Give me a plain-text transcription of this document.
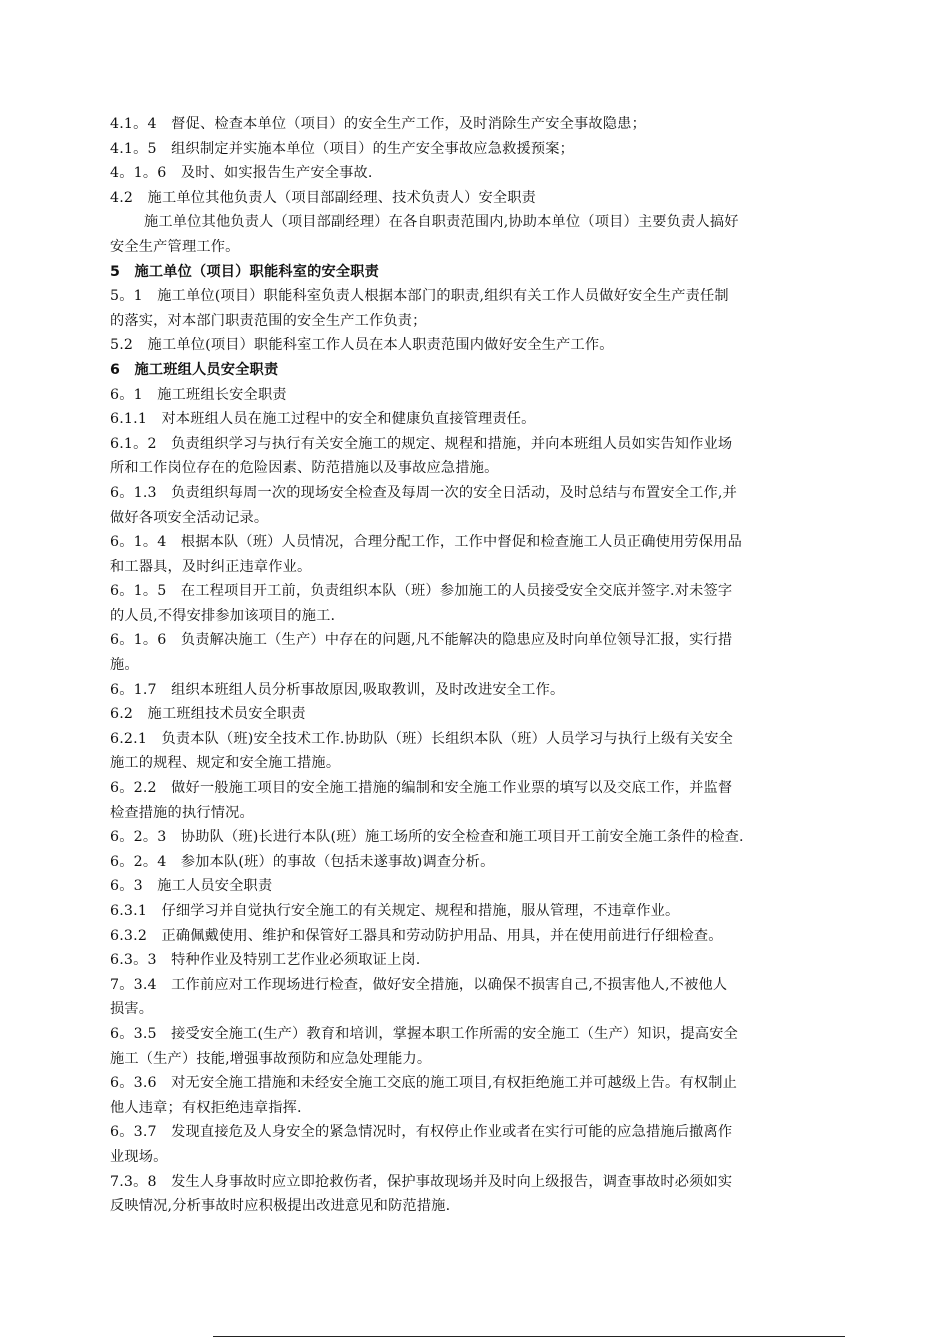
4.1。4　督促、检查本单位（项目）的安全生产工作，及时消除生产安全事故隐患；
4.1。5　组织制定并实施本单位（项目）的生产安全事故应急救援预案；
4。1。6　及时、如实报告生产安全事故.
4.2　施工单位其他负责人（项目部副经理、技术负责人）安全职责
施工单位其他负责人（项目部副经理）在各自职责范围内,协助本单位（项目）主要负责人搞好
安全生产管理工作。
5　施工单位（项目）职能科室的安全职责
5。1　施工单位(项目）职能科室负责人根据本部门的职责,组织有关工作人员做好安全生产责任制
的落实，对本部门职责范围的安全生产工作负责；
5.2　施工单位(项目）职能科室工作人员在本人职责范围内做好安全生产工作。
6　施工班组人员安全职责
6。1　施工班组长安全职责
6.1.1　对本班组人员在施工过程中的安全和健康负直接管理责任。
6.1。2　负责组织学习与执行有关安全施工的规定、规程和措施，并向本班组人员如实告知作业场
所和工作岗位存在的危险因素、防范措施以及事故应急措施。
6。1.3　负责组织每周一次的现场安全检查及每周一次的安全日活动，及时总结与布置安全工作,并
做好各项安全活动记录。
6。1。4　根据本队（班）人员情况，合理分配工作，工作中督促和检查施工人员正确使用劳保用品
和工器具，及时纠正违章作业。
6。1。5　在工程项目开工前，负责组织本队（班）参加施工的人员接受安全交底并签字.对未签字
的人员,不得安排参加该项目的施工.
6。1。6　负责解决施工（生产）中存在的问题,凡不能解决的隐患应及时向单位领导汇报，实行措
施。
6。1.7　组织本班组人员分析事故原因,吸取教训，及时改进安全工作。
6.2　施工班组技术员安全职责
6.2.1　负责本队（班)安全技术工作.协助队（班）长组织本队（班）人员学习与执行上级有关安全
施工的规程、规定和安全施工措施。
6。2.2　做好一般施工项目的安全施工措施的编制和安全施工作业票的填写以及交底工作，并监督
检查措施的执行情况。
6。2。3　协助队（班)长进行本队(班）施工场所的安全检查和施工项目开工前安全施工条件的检查.
6。2。4　参加本队(班）的事故（包括未遂事故)调查分析。
6。3　施工人员安全职责
6.3.1　仔细学习并自觉执行安全施工的有关规定、规程和措施，服从管理，不违章作业。
6.3.2　正确佩戴使用、维护和保管好工器具和劳动防护用品、用具，并在使用前进行仔细检查。
6.3。3　特种作业及特别工艺作业必须取证上岗.
7。3.4　工作前应对工作现场进行检查，做好安全措施，以确保不损害自己,不损害他人,不被他人
损害。
6。3.5　接受安全施工(生产）教育和培训，掌握本职工作所需的安全施工（生产）知识，提高安全
施工（生产）技能,增强事故预防和应急处理能力。
6。3.6　对无安全施工措施和未经安全施工交底的施工项目,有权拒绝施工并可越级上告。有权制止
他人违章；有权拒绝违章指挥.
6。3.7　发现直接危及人身安全的紧急情况时，有权停止作业或者在实行可能的应急措施后撤离作
业现场。
7.3。8　发生人身事故时应立即抢救伤者，保护事故现场并及时向上级报告，调查事故时必须如实
反映情况,分析事故时应积极提出改进意见和防范措施.
